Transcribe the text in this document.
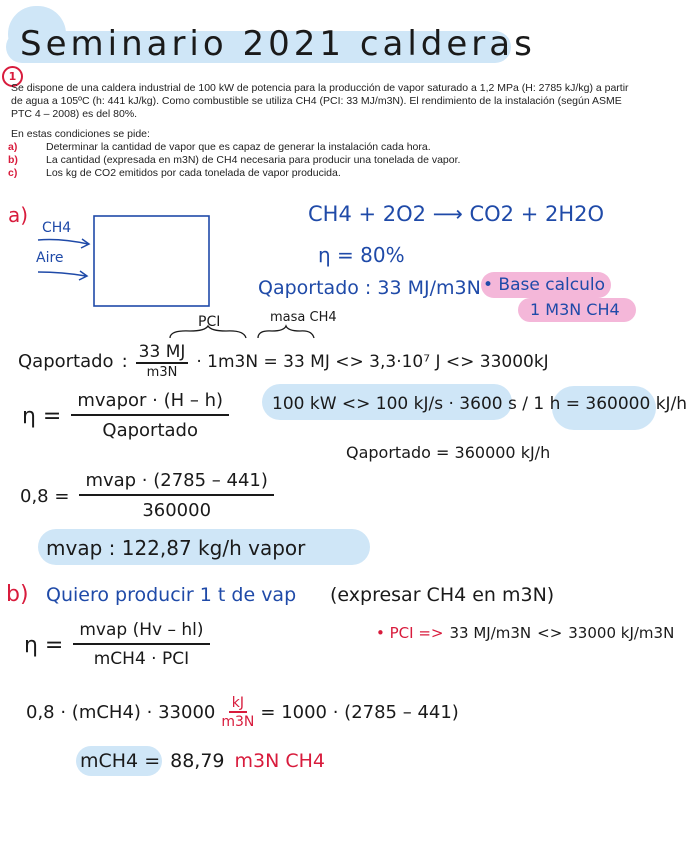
Seminario 2021 calderas
1
Se dispone de una caldera industrial de 100 kW de potencia para la producción de vapor saturado a 1,2 MPa (H: 2785 kJ/kg) a partir de agua a 105ºC (h: 441 kJ/kg). Como combustible se utiliza CH4 (PCI: 33 MJ/m3N). El rendimiento de la instalación (según ASME PTC 4 – 2008) es del 80%.
En estas condiciones se pide:
a)	Determinar la cantidad de vapor que es capaz de generar la instalación cada hora.
b)	La cantidad (expresada en m3N) de CH4 necesaria para producir una tonelada de vapor.
c)	Los kg de CO2 emitidos por cada tonelada de vapor producida.
a)
CH4
Aire
CH4 + 2O2 ⟶ CO2 + 2H2O
η = 80%
Qaportado : 33 MJ/m3N • Base calculo
1 M3N CH4
PCI	masa CH4
Qaportado : $\frac{33 MJ}{m3N} \cdot 1m3N = 33$ MJ <> 3,3·10⁷ J <> 33000kJ
$\eta = \frac{\text{mvapor · (H – h)}}{\text{Qaportado}}$	100 kW <> 100 kJ/s · 3600 s / 1 h = 360000 kJ/h
Qaportado = 360000 kJ/h
$0,8 = \frac{\text{mvap · (2785 – 441)}}{360000}$
mvap : 122,87 kg/h vapor
b) Quiero producir 1 t de vap (expresar CH4 en m3N)
$\eta = \frac{\text{mvap (Hv – hl)}}{\text{mCH4 · PCI}}$	• PCI => 33 MJ/m3N <> 33000 kJ/m3N
$0,8 \cdot (mCH4) \cdot 33000 \frac{kJ}{m3N} = 1000 \cdot (2785 - 441)$
mCH4 = 88,79 m3N CH4
